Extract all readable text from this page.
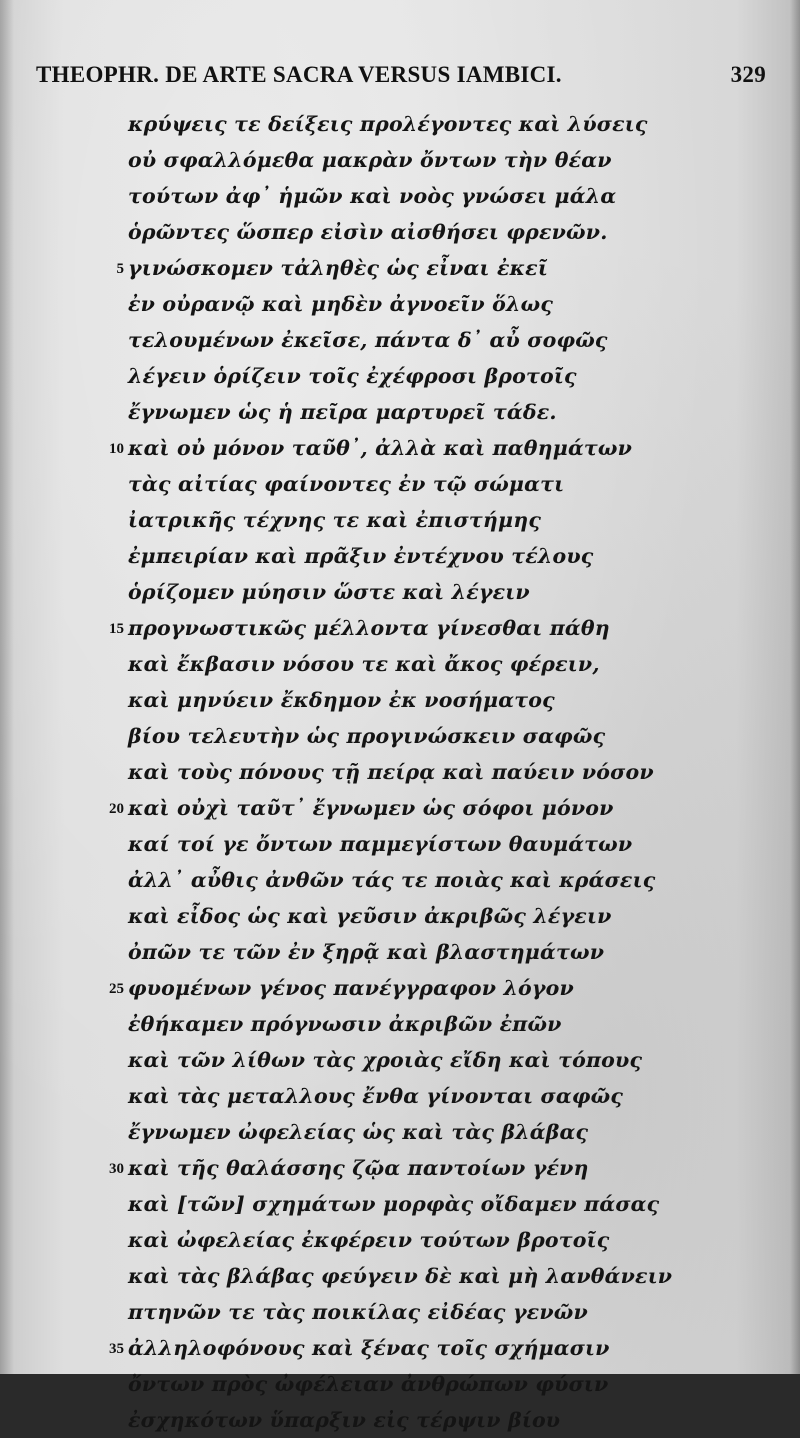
THEOPHR. DE ARTE SACRA VERSUS IAMBICI.	329
κρύψεις τε δείξεις προλέγοντες καὶ λύσεις
οὐ σφαλλόμεθα μακρὰν ὄντων τὴν θέαν
τούτων ἀφ᾽ ἡμῶν καὶ νοὸς γνώσει μάλα
ὁρῶντες ὥσπερ εἰσὶν αἰσθήσει φρενῶν.
5 γινώσκομεν τἀληθὲς ὡς εἶναι ἐκεῖ
ἐν οὐρανῷ καὶ μηδὲν ἀγνοεῖν ὅλως
τελουμένων ἐκεῖσε, πάντα δ᾽ αὖ σοφῶς
λέγειν ὁρίζειν τοῖς ἐχέφροσι βροτοῖς
ἔγνωμεν ὡς ἡ πεῖρα μαρτυρεῖ τάδε.
10 καὶ οὐ μόνον ταῦθ᾽, ἀλλὰ καὶ παθημάτων
τὰς αἰτίας φαίνοντες ἐν τῷ σώματι
ἰατρικῆς τέχνης τε καὶ ἐπιστήμης
ἐμπειρίαν καὶ πρᾶξιν ἐντέχνου τέλους
ὁρίζομεν μύησιν ὥστε καὶ λέγειν
15 προγνωστικῶς μέλλοντα γίνεσθαι πάθη
καὶ ἔκβασιν νόσου τε καὶ ἄκος φέρειν,
καὶ μηνύειν ἔκδημον ἐκ νοσήματος
βίου τελευτὴν ὡς προγινώσκειν σαφῶς
καὶ τοὺς πόνους τῇ πείρᾳ καὶ παύειν νόσον
20 καὶ οὐχὶ ταῦτ᾽ ἔγνωμεν ὡς σόφοι μόνον
καί τοί γε ὄντων παμμεγίστων θαυμάτων
ἀλλ᾽ αὖθις ἀνθῶν τάς τε ποιὰς καὶ κράσεις
καὶ εἶδος ὡς καὶ γεῦσιν ἀκριβῶς λέγειν
ὀπῶν τε τῶν ἐν ξηρᾷ καὶ βλαστημάτων
25 φυομένων γένος πανέγγραφον λόγον
ἐθήκαμεν πρόγνωσιν ἀκριβῶν ἐπῶν
καὶ τῶν λίθων τὰς χροιὰς εἴδη καὶ τόπους
καὶ τὰς μεταλλους ἔνθα γίνονται σαφῶς
ἔγνωμεν ὠφελείας ὡς καὶ τὰς βλάβας
30 καὶ τῆς θαλάσσης ζῷα παντοίων γένη
καὶ [τῶν] σχημάτων μορφὰς οἴδαμεν πάσας
καὶ ὠφελείας ἐκφέρειν τούτων βροτοῖς
καὶ τὰς βλάβας φεύγειν δὲ καὶ μὴ λανθάνειν
πτηνῶν τε τὰς ποικίλας εἰδέας γενῶν
35 ἀλληλοφόνους καὶ ξένας τοῖς σχήμασιν
ὄντων πρὸς ὠφέλειαν ἀνθρώπων φύσιν
ἐσχηκότων ὕπαρξιν εἰς τέρψιν βίου
